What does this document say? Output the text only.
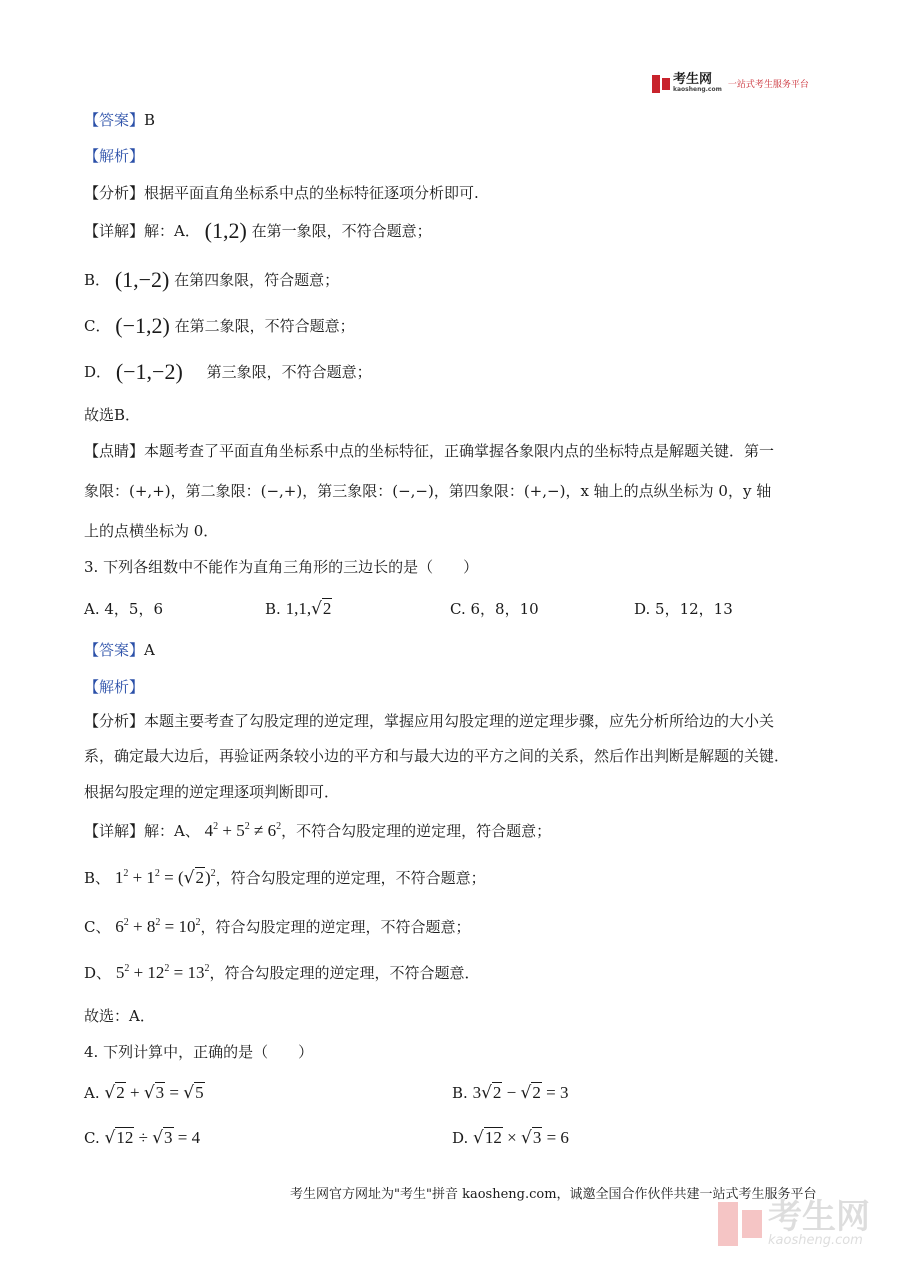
考生网
kaosheng.com 一站式考生服务平台
【答案】B
【解析】
【分析】根据平面直角坐标系中点的坐标特征逐项分析即可.
【详解】解：A． (1,2) 在第一象限，不符合题意；
B． (1,−2) 在第四象限，符合题意；
C． (−1,2) 在第二象限，不符合题意；
D． (−1,−2) 第三象限，不符合题意；
故选B．
【点睛】本题考查了平面直角坐标系中点的坐标特征，正确掌握各象限内点的坐标特点是解题关键．第一
象限：(+,+)，第二象限：(−,+)，第三象限：(−,−)，第四象限：(+,−)，x 轴上的点纵坐标为 0，y 轴
上的点横坐标为 0．
3. 下列各组数中不能作为直角三角形的三边长的是（　　）
A. 4，5，6	B. 1,1,√2	C. 6，8，10	D. 5，12，13
【答案】A
【解析】
【分析】本题主要考查了勾股定理的逆定理，掌握应用勾股定理的逆定理步骤，应先分析所给边的大小关
系，确定最大边后，再验证两条较小边的平方和与最大边的平方之间的关系，然后作出判断是解题的关键．
根据勾股定理的逆定理逐项判断即可．
【详解】解：A、 $4^2 + 5^2 \ne 6^2$，不符合勾股定理的逆定理，符合题意；
B、 $1^2 + 1^2 = (√2)^2$，符合勾股定理的逆定理，不符合题意；
C、 $6^2 + 8^2 = 10^2$，符合勾股定理的逆定理，不符合题意；
D、 $5^2 + 12^2 = 13^2$，符合勾股定理的逆定理，不符合题意．
故选：A．
4. 下列计算中，正确的是（　　）
A. √2 + √3 = √5	B. 3√2 − √2 = 3
C. √12 ÷ √3 = 4	D. √12 × √3 = 6
考生网官方网址为"考生"拼音 kaosheng.com，诚邀全国合作伙伴共建一站式考生服务平台
考生网
kaosheng.com
